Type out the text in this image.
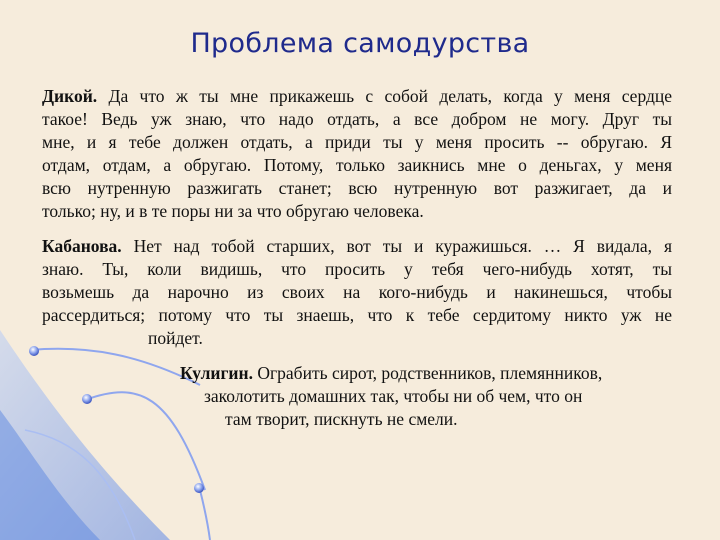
Проблема самодурства
Дикой. Да что ж ты мне прикажешь с собой делать, когда у меня сердце
такое! Ведь уж знаю, что надо отдать, а все добром не могу. Друг ты
мне, и я тебе должен отдать, а приди ты у меня просить -- обругаю. Я
отдам, отдам, а обругаю. Потому, только заикнись мне о деньгах, у меня
всю нутренную разжигать станет; всю нутренную вот разжигает, да и
только; ну, и в те поры ни за что обругаю человека.
Кабанова. Нет над тобой старших, вот ты и куражишься. … Я видала, я
знаю. Ты, коли видишь, что просить у тебя чего-нибудь хотят, ты
возьмешь да нарочно из своих на кого-нибудь и накинешься, чтобы
рассердиться; потому что ты знаешь, что к тебе сердитому никто уж не
пойдет.
Кулигин. Ограбить сирот, родственников, племянников,
заколотить домашних так, чтобы ни об чем, что он
там творит, пискнуть не смели.
